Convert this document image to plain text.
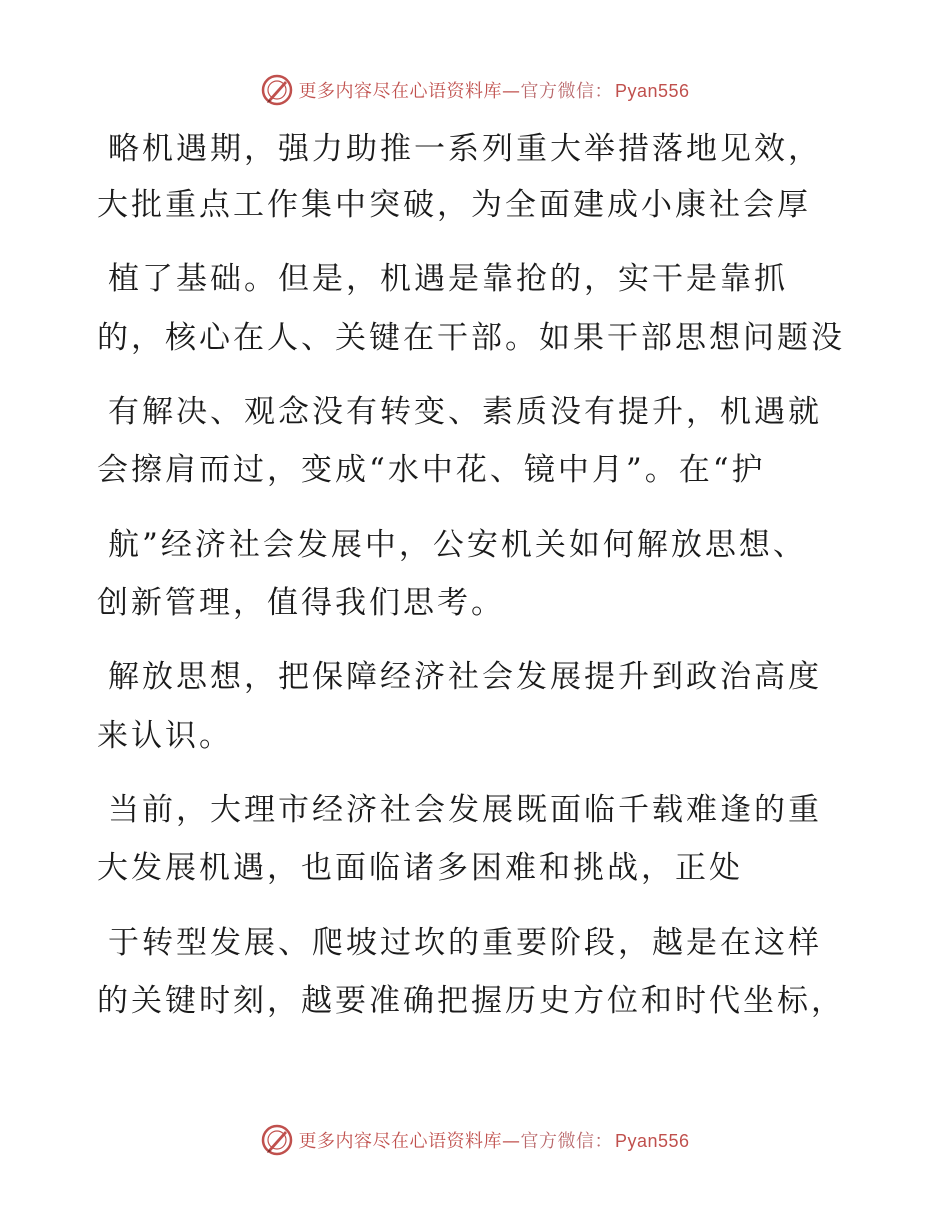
更多内容尽在心语资料库—官方微信： Pyan556
略机遇期，强力助推一系列重大举措落地见效，
大批重点工作集中突破，为全面建成小康社会厚
植了基础。但是，机遇是靠抢的，实干是靠抓
的，核心在人、关键在干部。如果干部思想问题没
有解决、观念没有转变、素质没有提升，机遇就
会擦肩而过，变成“水中花、镜中月”。在“护
航”经济社会发展中，公安机关如何解放思想、
创新管理，值得我们思考。
解放思想，把保障经济社会发展提升到政治高度
来认识。
当前，大理市经济社会发展既面临千载难逢的重
大发展机遇，也面临诸多困难和挑战，正处
于转型发展、爬坡过坎的重要阶段，越是在这样
的关键时刻，越要准确把握历史方位和时代坐标，
更多内容尽在心语资料库—官方微信： Pyan556
